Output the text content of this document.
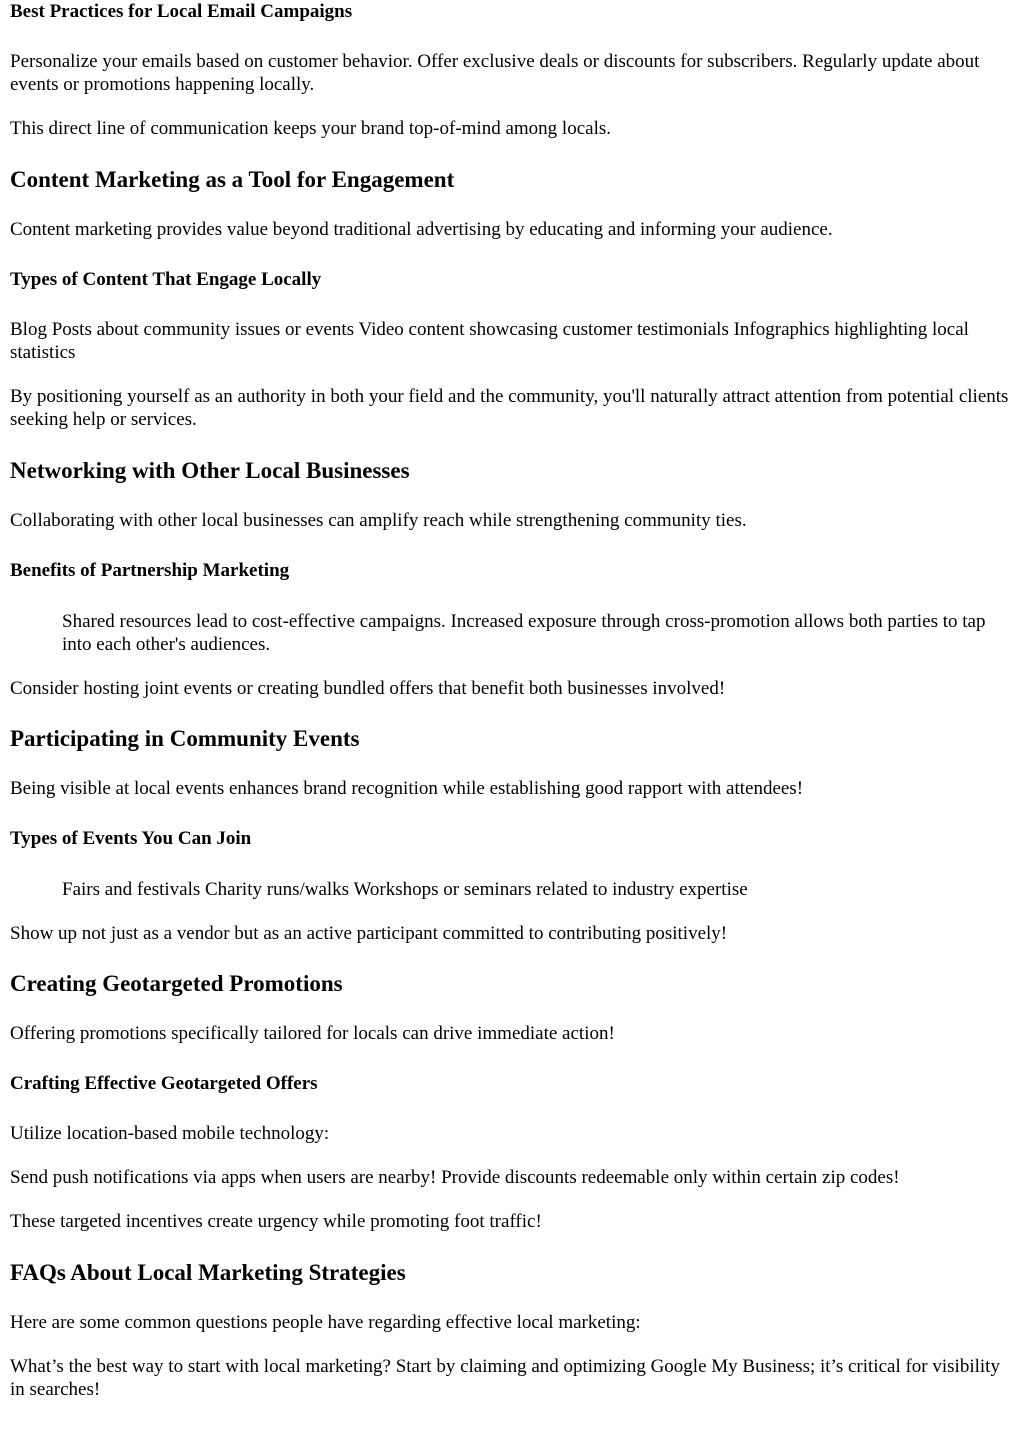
Best Practices for Local Email Campaigns

Personalize your emails based on customer behavior. Offer exclusive deals or discounts for subscribers. Regularly update about events or promotions happening locally.

This direct line of communication keeps your brand top-of-mind among locals.

Content Marketing as a Tool for Engagement

Content marketing provides value beyond traditional advertising by educating and informing your audience.

Types of Content That Engage Locally

Blog Posts about community issues or events Video content showcasing customer testimonials Infographics highlighting local statistics

By positioning yourself as an authority in both your field and the community, you'll naturally attract attention from potential clients seeking help or services.

Networking with Other Local Businesses

Collaborating with other local businesses can amplify reach while strengthening community ties.

Benefits of Partnership Marketing
Shared resources lead to cost-effective campaigns. Increased exposure through cross-promotion allows both parties to tap into each other's audiences.

Consider hosting joint events or creating bundled offers that benefit both businesses involved!

Participating in Community Events

Being visible at local events enhances brand recognition while establishing good rapport with attendees!

Types of Events You Can Join
Fairs and festivals Charity runs/walks Workshops or seminars related to industry expertise

Show up not just as a vendor but as an active participant committed to contributing positively!

Creating Geotargeted Promotions

Offering promotions specifically tailored for locals can drive immediate action!

Crafting Effective Geotargeted Offers

Utilize location-based mobile technology:

Send push notifications via apps when users are nearby! Provide discounts redeemable only within certain zip codes!

These targeted incentives create urgency while promoting foot traffic!

FAQs About Local Marketing Strategies

Here are some common questions people have regarding effective local marketing:

What’s the best way to start with local marketing? Start by claiming and optimizing Google My Business; it’s critical for visibility in searches!
